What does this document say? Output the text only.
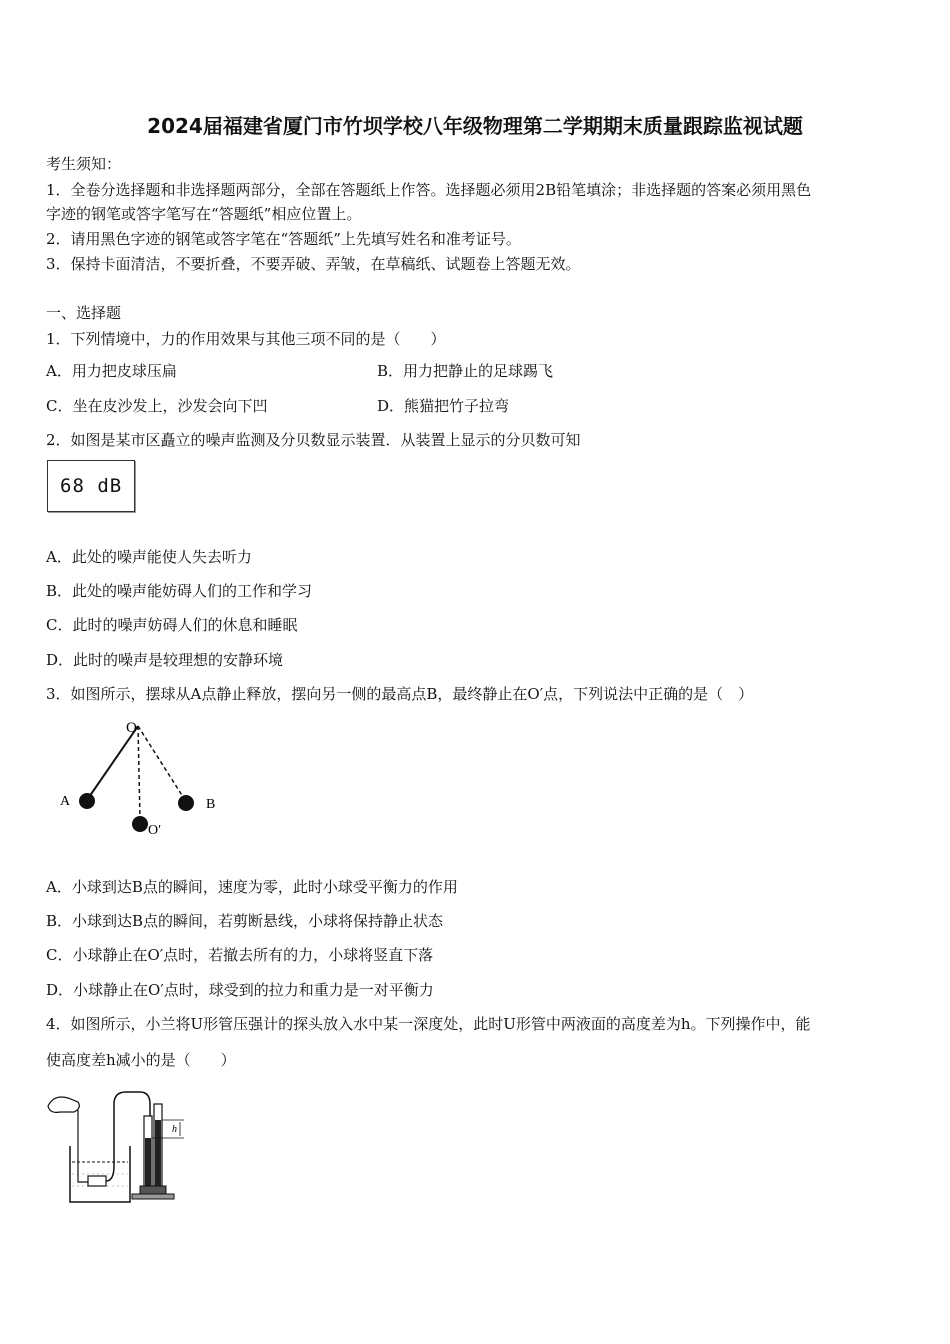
2024届福建省厦门市竹坝学校八年级物理第二学期期末质量跟踪监视试题
考生须知：
1．全卷分选择题和非选择题两部分，全部在答题纸上作答。选择题必须用2B铅笔填涂；非选择题的答案必须用黑色
字迹的钢笔或答字笔写在“答题纸”相应位置上。
2．请用黑色字迹的钢笔或答字笔在“答题纸”上先填写姓名和准考证号。
3．保持卡面清洁，不要折叠，不要弄破、弄皱，在草稿纸、试题卷上答题无效。
一、选择题
1．下列情境中，力的作用效果与其他三项不同的是（　　）
A．用力把皮球压扁	B．用力把静止的足球踢飞
C．坐在皮沙发上，沙发会向下凹	D．熊猫把竹子拉弯
2．如图是某市区矗立的噪声监测及分贝数显示装置．从装置上显示的分贝数可知
68 dB
A．此处的噪声能使人失去听力
B．此处的噪声能妨碍人们的工作和学习
C．此时的噪声妨碍人们的休息和睡眠
D．此时的噪声是较理想的安静环境
3．如图所示，摆球从A点静止释放，摆向另一侧的最高点B，最终静止在O′点，下列说法中正确的是（　）
O
A	B
O′
A．小球到达B点的瞬间，速度为零，此时小球受平衡力的作用
B．小球到达B点的瞬间，若剪断悬线，小球将保持静止状态
C．小球静止在O′点时，若撤去所有的力，小球将竖直下落
D．小球静止在O′点时，球受到的拉力和重力是一对平衡力
4．如图所示，小兰将U形管压强计的探头放入水中某一深度处，此时U形管中两液面的高度差为h。下列操作中，能
使高度差h减小的是（　　）
h
